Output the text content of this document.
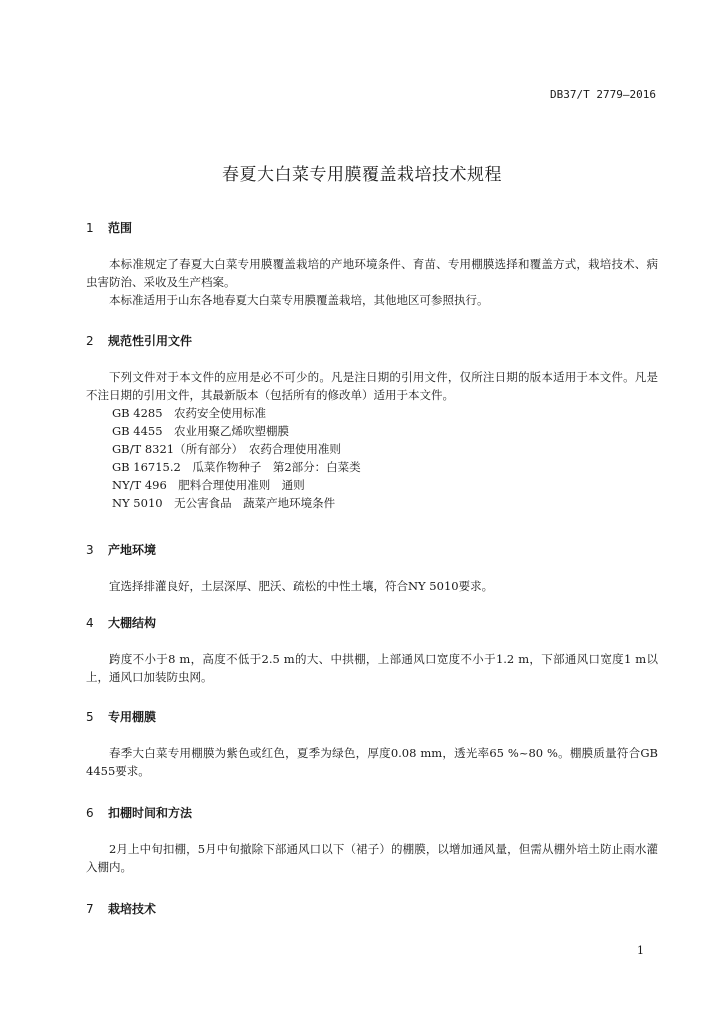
DB37/T 2779—2016
春夏大白菜专用膜覆盖栽培技术规程
1	范围
本标准规定了春夏大白菜专用膜覆盖栽培的产地环境条件、育苗、专用棚膜选择和覆盖方式，栽培技术、病虫害防治、采收及生产档案。
本标准适用于山东各地春夏大白菜专用膜覆盖栽培，其他地区可参照执行。
2	规范性引用文件
下列文件对于本文件的应用是必不可少的。凡是注日期的引用文件，仅所注日期的版本适用于本文件。凡是不注日期的引用文件，其最新版本（包括所有的修改单）适用于本文件。
GB 4285　农药安全使用标准
GB 4455　农业用聚乙烯吹塑棚膜
GB/T 8321（所有部分）　农药合理使用准则
GB 16715.2　瓜菜作物种子　第2部分：白菜类
NY/T 496　肥料合理使用准则　通则
NY 5010　无公害食品　蔬菜产地环境条件
3	产地环境
宜选择排灌良好，土层深厚、肥沃、疏松的中性土壤，符合NY 5010要求。
4	大棚结构
跨度不小于8 m，高度不低于2.5 m的大、中拱棚，上部通风口宽度不小于1.2 m，下部通风口宽度1 m以上，通风口加装防虫网。
5	专用棚膜
春季大白菜专用棚膜为紫色或红色，夏季为绿色，厚度0.08 mm，透光率65 %~80 %。棚膜质量符合GB 4455要求。
6	扣棚时间和方法
2月上中旬扣棚，5月中旬撤除下部通风口以下（裙子）的棚膜，以增加通风量，但需从棚外培土防止雨水灌入棚内。
7	栽培技术
1
